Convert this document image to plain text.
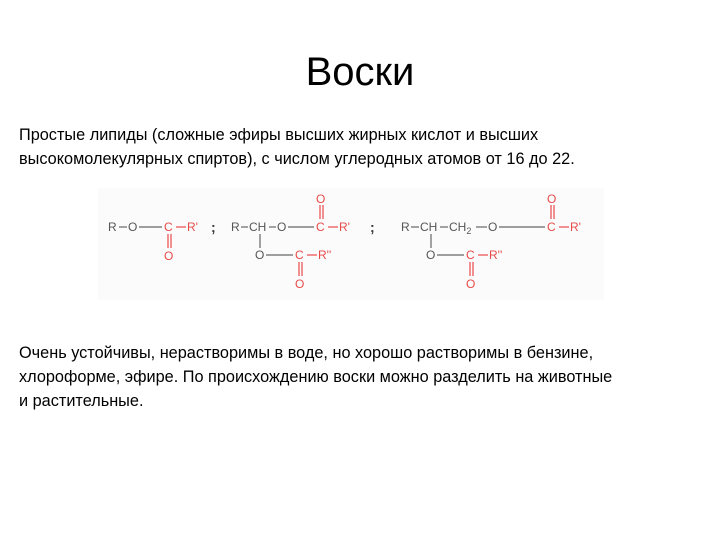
Воски
Простые липиды (сложные эфиры высших жирных кислот и высших
высокомолекулярных спиртов), с числом углеродных атомов от 16 до 22.
R O C
O
R' ; R CH O C
O
R'
O	C
O
R''
; R CH $CH_2$ O	C
O
R'
O	C
O
R''
Очень устойчивы, нерастворимы в воде, но хорошо растворимы в бензине,
хлороформе, эфире. По происхождению воски можно разделить на животные
и растительные.
